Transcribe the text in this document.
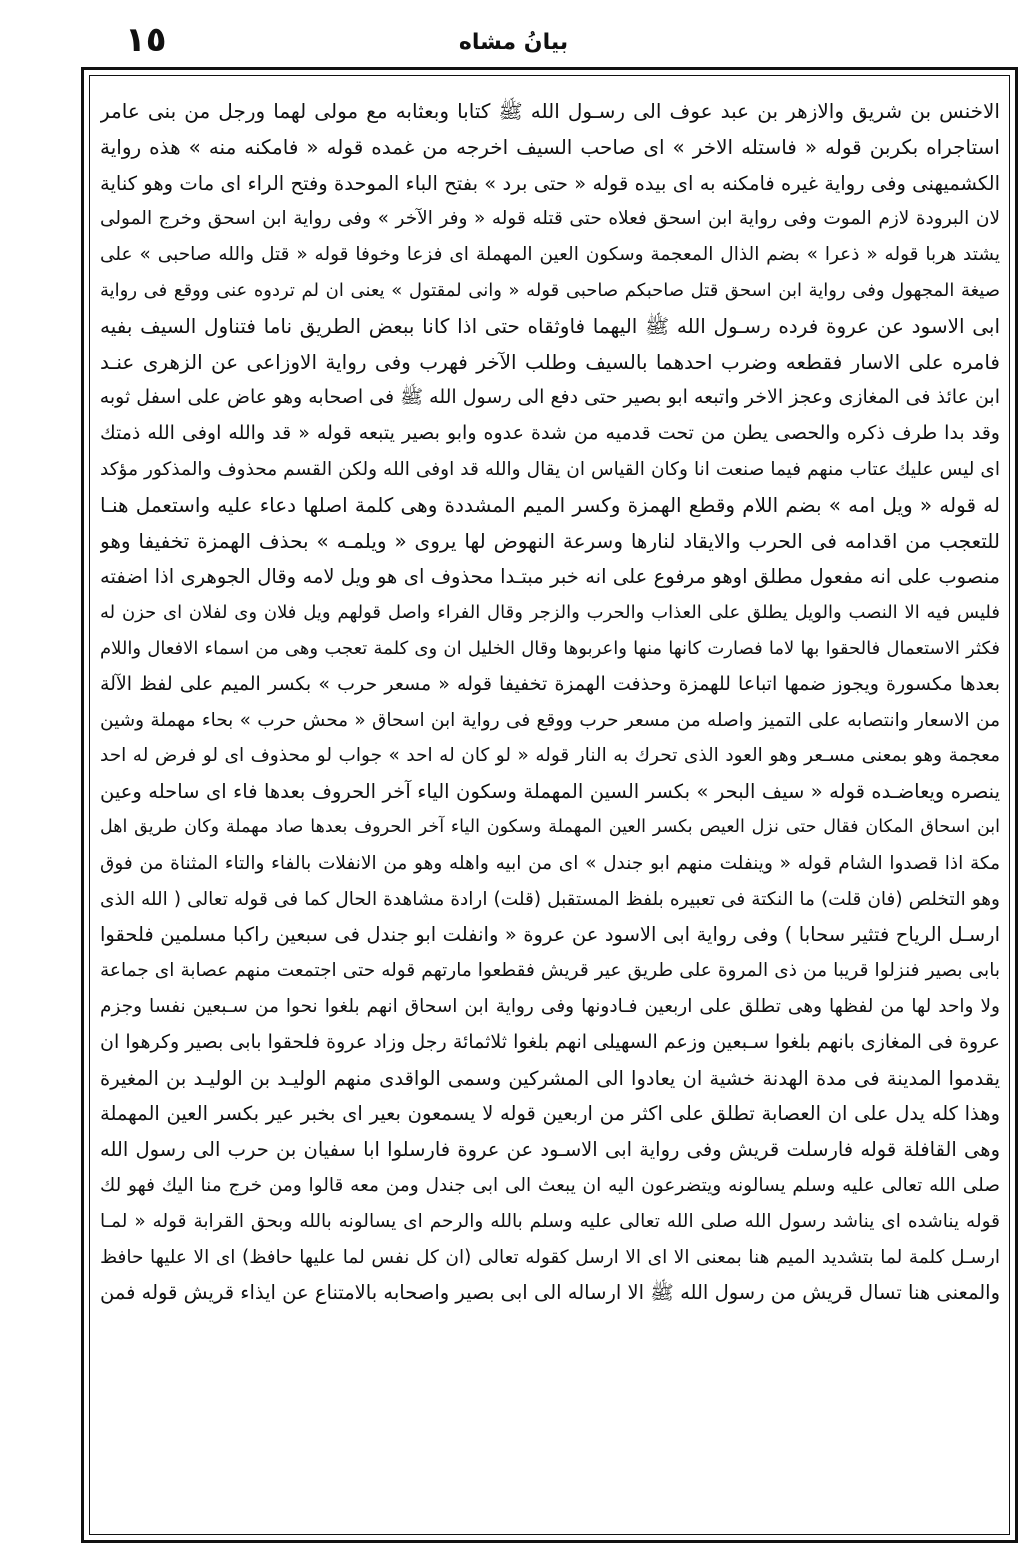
١٥	بيانُ مشاه
الاخنس بن شريق والازهر بن عبد عوف الى رسـول الله ﷺ كتابا وبعثابه مع مولى لهما ورجل من بنى عامر
استاجراه بكربن قوله « فاستله الاخر » اى صاحب السيف اخرجه من غمده قوله « فامكنه منه » هذه رواية
الكشميهنى وفى رواية غيره فامكنه به اى بيده قوله « حتى برد » بفتح الباء الموحدة وفتح الراء اى مات وهو كناية
لان البرودة لازم الموت وفى رواية ابن اسحق فعلاه حتى قتله قوله « وفر الآخر » وفى رواية ابن اسحق وخرج المولى
يشتد هربا قوله « ذعرا » بضم الذال المعجمة وسكون العين المهملة اى فزعا وخوفا قوله « قتل والله صاحبى » على
صيغة المجهول وفى رواية ابن اسحق قتل صاحبكم صاحبى قوله « وانى لمقتول » يعنى ان لم تردوه عنى ووقع فى رواية
ابى الاسود عن عروة فرده رسـول الله ﷺ اليهما فاوثقاه حتى اذا كانا ببعض الطريق ناما فتناول السيف بفيه
فامره على الاسار فقطعه وضرب احدهما بالسيف وطلب الآخر فهرب وفى رواية الاوزاعى عن الزهرى عنـد
ابن عائذ فى المغازى وعجز الاخر واتبعه ابو بصير حتى دفع الى رسول الله ﷺ فى اصحابه وهو عاض على اسفل ثوبه
وقد بدا طرف ذكره والحصى يطن من تحت قدميه من شدة عدوه وابو بصير يتبعه قوله « قد والله اوفى الله ذمتك
اى ليس عليك عتاب منهم فيما صنعت انا وكان القياس ان يقال والله قد اوفى الله ولكن القسم محذوف والمذكور مؤكد
له قوله « ويل امه » بضم اللام وقطع الهمزة وكسر الميم المشددة وهى كلمة اصلها دعاء عليه واستعمل هنـا
للتعجب من اقدامه فى الحرب والايقاد لنارها وسرعة النهوض لها يروى « ويلمـه » بحذف الهمزة تخفيفا وهو
منصوب على انه مفعول مطلق اوهو مرفوع على انه خبر مبتـدا محذوف اى هو ويل لامه وقال الجوهرى اذا اضفته
فليس فيه الا النصب والويل يطلق على العذاب والحرب والزجر وقال الفراء واصل قولهم ويل فلان وى لفلان اى حزن له
فكثر الاستعمال فالحقوا بها لاما فصارت كانها منها واعربوها وقال الخليل ان وى كلمة تعجب وهى من اسماء الافعال واللام
بعدها مكسورة ويجوز ضمها اتباعا للهمزة وحذفت الهمزة تخفيفا قوله « مسعر حرب » بكسر الميم على لفظ الآلة
من الاسعار وانتصابه على التميز واصله من مسعر حرب ووقع فى رواية ابن اسحاق « محش حرب » بحاء مهملة وشين
معجمة وهو بمعنى مسـعر وهو العود الذى تحرك به النار قوله « لو كان له احد » جواب لو محذوف اى لو فرض له احد
ينصره ويعاضـده قوله « سيف البحر » بكسر السين المهملة وسكون الياء آخر الحروف بعدها فاء اى ساحله وعين
ابن اسحاق المكان فقال حتى نزل العيص بكسر العين المهملة وسكون الياء آخر الحروف بعدها صاد مهملة وكان طريق اهل
مكة اذا قصدوا الشام قوله « وينفلت منهم ابو جندل » اى من ابيه واهله وهو من الانفلات بالفاء والتاء المثناة من فوق
وهو التخلص (فان قلت) ما النكتة فى تعبيره بلفظ المستقبل (قلت) ارادة مشاهدة الحال كما فى قوله تعالى ( الله الذى
ارسـل الرياح فتثير سحابا ) وفى رواية ابى الاسود عن عروة « وانفلت ابو جندل فى سبعين راكبا مسلمين فلحقوا
بابى بصير فنزلوا قريبا من ذى المروة على طريق عير قريش فقطعوا مارتهم قوله حتى اجتمعت منهم عصابة اى جماعة
ولا واحد لها من لفظها وهى تطلق على اربعين فـادونها وفى رواية ابن اسحاق انهم بلغوا نحوا من سـبعين نفسا وجزم
عروة فى المغازى بانهم بلغوا سـبعين وزعم السهيلى انهم بلغوا ثلاثمائة رجل وزاد عروة فلحقوا بابى بصير وكرهوا ان
يقدموا المدينة فى مدة الهدنة خشية ان يعادوا الى المشركين وسمى الواقدى منهم الوليـد بن الوليـد بن المغيرة
وهذا كله يدل على ان العصابة تطلق على اكثر من اربعين قوله لا يسمعون بعير اى بخبر عير بكسر العين المهملة
وهى القافلة قوله فارسلت قريش وفى رواية ابى الاسـود عن عروة فارسلوا ابا سفيان بن حرب الى رسول الله
صلى الله تعالى عليه وسلم يسالونه ويتضرعون اليه ان يبعث الى ابى جندل ومن معه قالوا ومن خرج منا اليك فهو لك
قوله يناشده اى يناشد رسول الله صلى الله تعالى عليه وسلم بالله والرحم اى يسالونه بالله وبحق القرابة قوله « لمـا
ارسـل كلمة لما بتشديد الميم هنا بمعنى الا اى الا ارسل كقوله تعالى (ان كل نفس لما عليها حافظ) اى الا عليها حافظ
والمعنى هنا تسال قريش من رسول الله ﷺ الا ارساله الى ابى بصير واصحابه بالامتناع عن ايذاء قريش قوله فمن
